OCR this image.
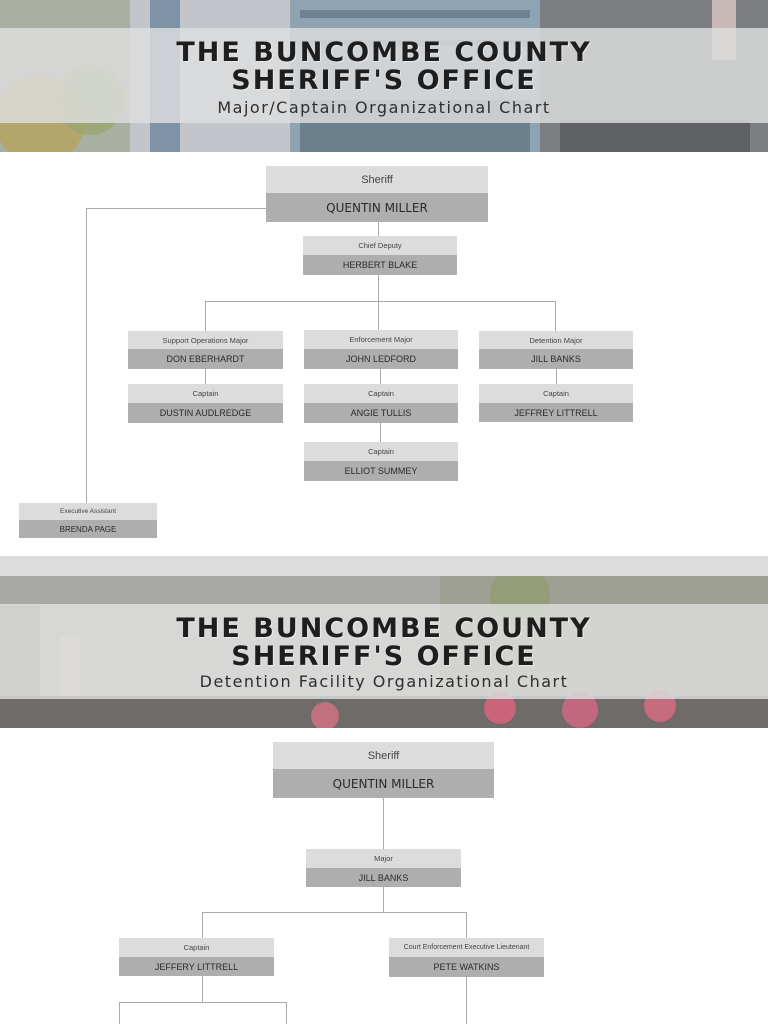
THE BUNCOMBE COUNTY
SHERIFF'S OFFICE
Major/Captain Organizational Chart
Sheriff
QUENTIN MILLER
Chief Deputy
HERBERT BLAKE
Support Operations Major
DON EBERHARDT
Enforcement Major
JOHN LEDFORD
Detention Major
JILL BANKS
Captain
DUSTIN AUDLREDGE
Captain
ANGIE TULLIS
Captain
JEFFREY LITTRELL
Captain
ELLIOT SUMMEY
Executive Assistant
BRENDA PAGE
THE BUNCOMBE COUNTY
SHERIFF'S OFFICE
Detention Facility Organizational Chart
Sheriff
QUENTIN MILLER
Major
JILL BANKS
Captain
JEFFERY LITTRELL
Court Enforcement Executive Lieutenant
PETE WATKINS
